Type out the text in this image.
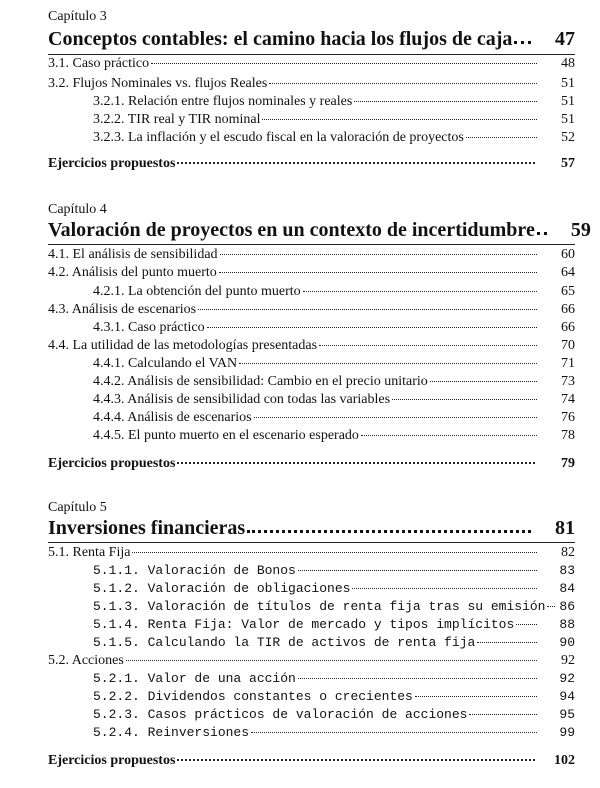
Capítulo 3
Conceptos contables: el camino hacia los flujos de caja	47
3.1. Caso práctico	48
3.2. Flujos Nominales vs. flujos Reales	51
3.2.1. Relación entre flujos nominales y reales	51
3.2.2. TIR real y TIR nominal	51
3.2.3. La inflación y el escudo fiscal en la valoración de proyectos	52
Ejercicios propuestos	57
Capítulo 4
Valoración de proyectos en un contexto de incertidumbre	59
4.1. El análisis de sensibilidad	60
4.2. Análisis del punto muerto	64
4.2.1. La obtención del punto muerto	65
4.3. Análisis de escenarios	66
4.3.1. Caso práctico	66
4.4. La utilidad de las metodologías presentadas	70
4.4.1. Calculando el VAN	71
4.4.2. Análisis de sensibilidad: Cambio en el precio unitario	73
4.4.3. Análisis de sensibilidad con todas las variables	74
4.4.4. Análisis de escenarios	76
4.4.5. El punto muerto en el escenario esperado	78
Ejercicios propuestos	79
Capítulo 5
Inversiones financieras	81
5.1. Renta Fija	82
5.1.1. Valoración de Bonos	83
5.1.2. Valoración de obligaciones	84
5.1.3. Valoración de títulos de renta fija tras su emisión 86
5.1.4. Renta Fija: Valor de mercado y tipos implícitos	88
5.1.5. Calculando la TIR de activos de renta fija	90
5.2. Acciones	92
5.2.1. Valor de una acción	92
5.2.2. Dividendos constantes o crecientes	94
5.2.3. Casos prácticos de valoración de acciones	95
5.2.4. Reinversiones	99
Ejercicios propuestos	102
